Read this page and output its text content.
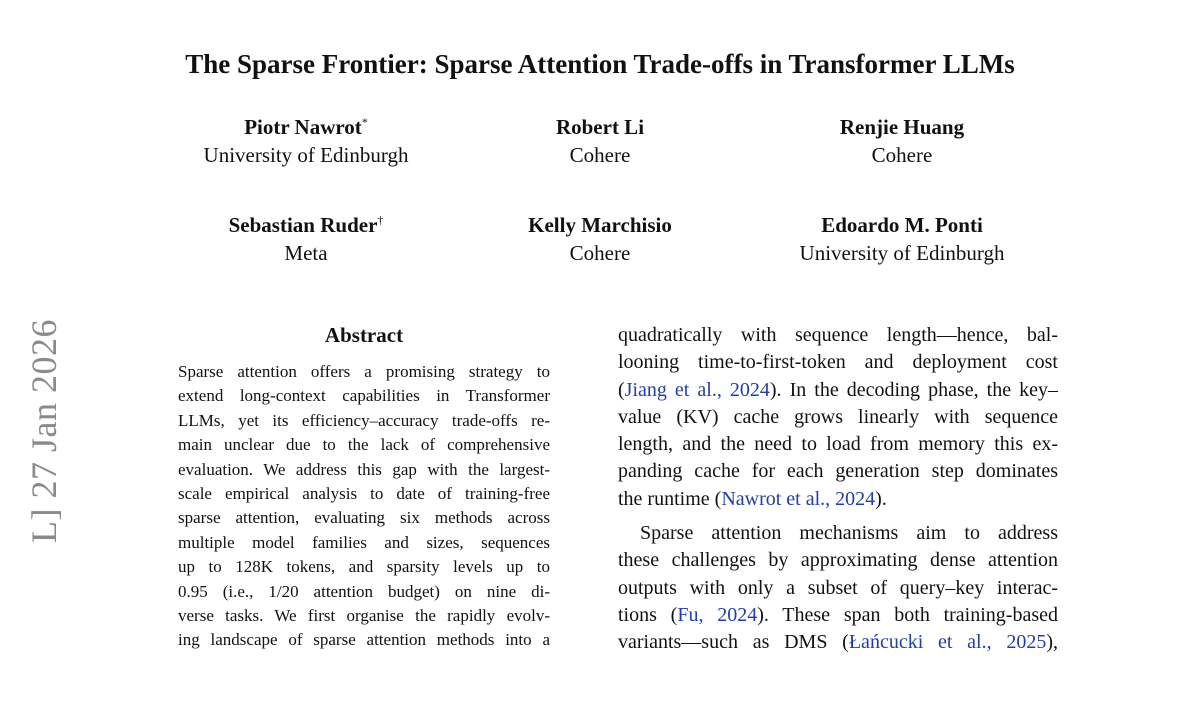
The Sparse Frontier: Sparse Attention Trade-offs in Transformer LLMs
Piotr Nawrot*
University of Edinburgh
Robert Li
Cohere
Renjie Huang
Cohere
Sebastian Ruder†
Meta
Kelly Marchisio
Cohere
Edoardo M. Ponti
University of Edinburgh
L] 27 Jan 2026	Abstract
Sparse attention offers a promising strategy to
extend long-context capabilities in Transformer
LLMs, yet its efficiency–accuracy trade-offs re-
main unclear due to the lack of comprehensive
evaluation. We address this gap with the largest-
scale empirical analysis to date of training-free
sparse attention, evaluating six methods across
multiple model families and sizes, sequences
up to 128K tokens, and sparsity levels up to
0.95 (i.e., 1/20 attention budget) on nine di-
verse tasks. We first organise the rapidly evolv-
ing landscape of sparse attention methods into a
quadratically with sequence length—hence, bal-
looning time-to-first-token and deployment cost
(Jiang et al., 2024). In the decoding phase, the key–
value (KV) cache grows linearly with sequence
length, and the need to load from memory this ex-
panding cache for each generation step dominates
the runtime (Nawrot et al., 2024).
Sparse attention mechanisms aim to address
these challenges by approximating dense attention
outputs with only a subset of query–key interac-
tions (Fu, 2024). These span both training-based
variants—such as DMS (Łańcucki et al., 2025),
